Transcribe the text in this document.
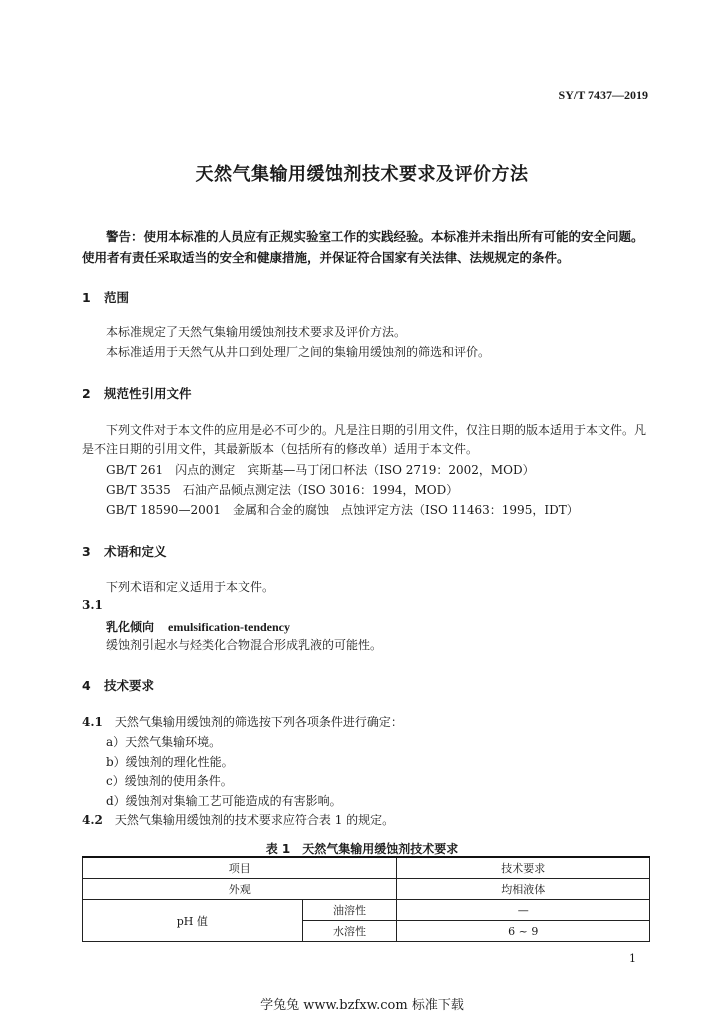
SY/T 7437—2019
天然气集输用缓蚀剂技术要求及评价方法
警告：使用本标准的人员应有正规实验室工作的实践经验。本标准并未指出所有可能的安全问题。使用者有责任采取适当的安全和健康措施，并保证符合国家有关法律、法规规定的条件。
1 范围
本标准规定了天然气集输用缓蚀剂技术要求及评价方法。
本标准适用于天然气从井口到处理厂之间的集输用缓蚀剂的筛选和评价。
2 规范性引用文件
下列文件对于本文件的应用是必不可少的。凡是注日期的引用文件，仅注日期的版本适用于本文件。凡是不注日期的引用文件，其最新版本（包括所有的修改单）适用于本文件。
GB/T 261　 闪点的测定　宾斯基—马丁闭口杯法（ISO 2719：2002，MOD）
GB/T 3535　 石油产品倾点测定法（ISO 3016：1994，MOD）
GB/T 18590—2001　 金属和合金的腐蚀　点蚀评定方法（ISO 11463：1995，IDT）
3 术语和定义
下列术语和定义适用于本文件。
3.1
乳化倾向 emulsification-tendency
缓蚀剂引起水与烃类化合物混合形成乳液的可能性。
4 技术要求
4.1　 天然气集输用缓蚀剂的筛选按下列各项条件进行确定：
a）天然气集输环境。
b）缓蚀剂的理化性能。
c）缓蚀剂的使用条件。
d）缓蚀剂对集输工艺可能造成的有害影响。
4.2　 天然气集输用缓蚀剂的技术要求应符合表 1 的规定。
表 1　天然气集输用缓蚀剂技术要求
项目		技术要求
外观		均相液体
pH 值	油溶性	—
	水溶性	6 ~ 9
1
学兔兔 www.bzfxw.com 标准下载
